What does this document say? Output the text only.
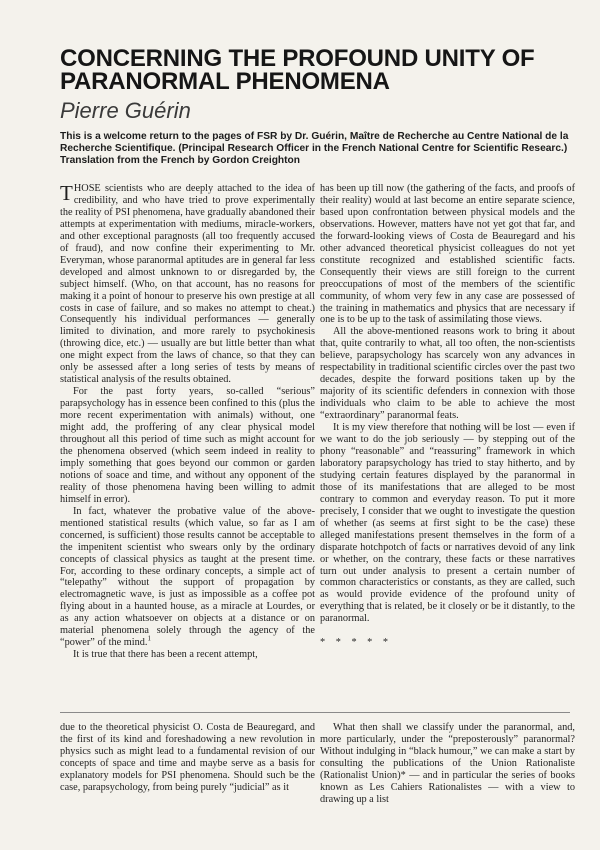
CONCERNING THE PROFOUND UNITY OF PARANORMAL PHENOMENA
Pierre Guérin

This is a welcome return to the pages of FSR by Dr. Guérin, Maître de Recherche au Centre National de la Recherche Scientifique. (Principal Research Officer in the French National Centre for Scientific Researc.) Translation from the French by Gordon Creighton

THOSE scientists who are deeply attached to the idea of credibility, and who have tried to prove experimentally the reality of PSI phenomena, have gradually abandoned their attempts at experimentation with mediums, miracle-workers, and other exceptional paragnosts (all too frequently accused of fraud), and now confine their experimenting to Mr. Everyman, whose paranormal aptitudes are in general far less developed and almost unknown to or disregarded by, the subject himself. (Who, on that account, has no reasons for making it a point of honour to preserve his own prestige at all costs in case of failure, and so makes no attempt to cheat.) Consequently his individual performances — generally limited to divination, and more rarely to psychokinesis (throwing dice, etc.) — usually are but little better than what one might expect from the laws of chance, so that they can only be assessed after a long series of tests by means of statistical analysis of the results obtained.

For the past forty years, so-called “serious” parapsychology has in essence been confined to this (plus the more recent experimentation with animals) without, one might add, the proffering of any clear physical model throughout all this period of time such as might account for the phenomena observed (which seem indeed in reality to imply something that goes beyond our common or garden notions of soace and time, and without any opponent of the reality of those phenomena having been willing to admit himself in error).

In fact, whatever the probative value of the above-mentioned statistical results (which value, so far as I am concerned, is sufficient) those results cannot be acceptable to the impenitent scientist who swears only by the ordinary concepts of classical physics as taught at the present time. For, according to these ordinary concepts, a simple act of “telepathy” without the support of propagation by electromagnetic wave, is just as impossible as a coffee pot flying about in a haunted house, as a miracle at Lourdes, or as any action whatsoever on objects at a distance or on material phenomena solely through the agency of the “power” of the mind.$^1$

It is true that there has been a recent attempt,

has been up till now (the gathering of the facts, and proofs of their reality) would at last become an entire separate science, based upon confrontation between physical models and the observations. However, matters have not yet got that far, and the forward-looking views of Costa de Beauregard and his other advanced theoretical physicist colleagues do not yet constitute recognized and established scientific facts. Consequently their views are still foreign to the current preoccupations of most of the members of the scientific community, of whom very few in any case are possessed of the training in mathematics and physics that are necessary if one is to be up to the task of assimilating those views.

All the above-mentioned reasons work to bring it about that, quite contrarily to what, all too often, the non-scientists believe, parapsychology has scarcely won any advances in respectability in traditional scientific circles over the past two decades, despite the forward positions taken up by the majority of its scientific defenders in connexion with those individuals who claim to be able to achieve the most “extraordinary” paranormal feats.

It is my view therefore that nothing will be lost — even if we want to do the job seriously — by stepping out of the phony “reasonable” and “reassuring” framework in which laboratory parapsychology has tried to stay hitherto, and by studying certain features displayed by the paranormal in those of its manifestations that are alleged to be most contrary to common and everyday reason. To put it more precisely, I consider that we ought to investigate the question of whether (as seems at first sight to be the case) these alleged manifestations present themselves in the form of a disparate hotchpotch of facts or narratives devoid of any link or whether, on the contrary, these facts or these narratives turn out under analysis to present a certain number of common characteristics or constants, as they are called, such as would provide evidence of the profound unity of everything that is related, be it closely or be it distantly, to the paranormal.

* * * * *

due to the theoretical physicist O. Costa de Beauregard, and the first of its kind and foreshadowing a new revolution in physics such as might lead to a fundamental revision of our concepts of space and time and maybe serve as a basis for explanatory models for PSI phenomena. Should such be the case, parapsychology, from being purely “judicial” as it

What then shall we classify under the paranormal, and, more particularly, under the “preposterously” paranormal? Without indulging in “black humour,” we can make a start by consulting the publications of the Union Rationaliste (Rationalist Union)* — and in particular the series of books known as Les Cahiers Rationalistes — with a view to drawing up a list
